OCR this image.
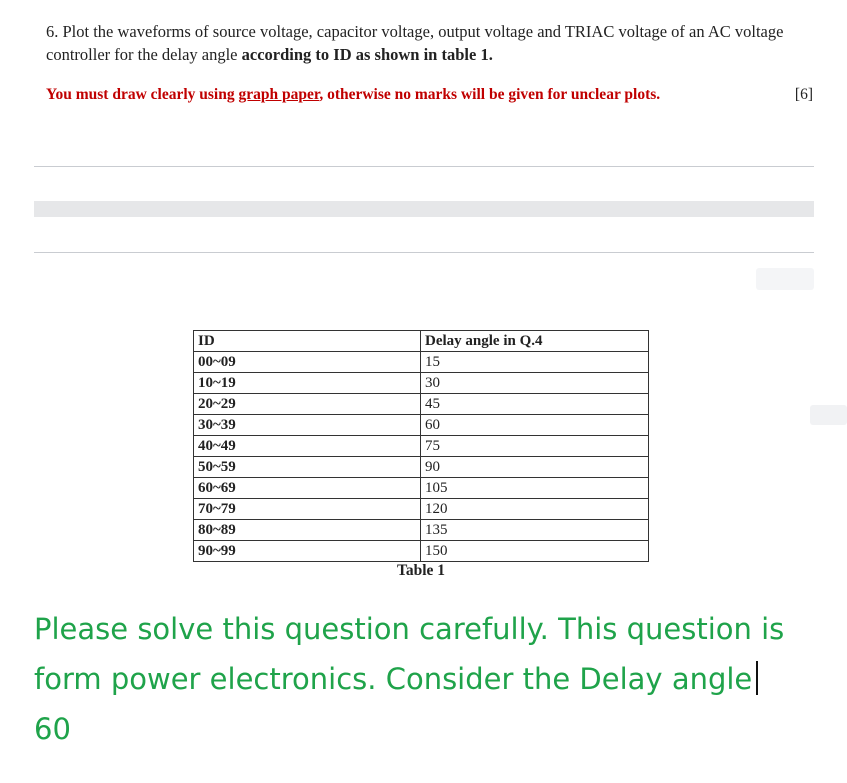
6. Plot the waveforms of source voltage, capacitor voltage, output voltage and TRIAC voltage of an AC voltage controller for the delay angle according to ID as shown in table 1.
You must draw clearly using graph paper, otherwise no marks will be given for unclear plots.	[6]
ID	Delay angle in Q.4
00~09	15
10~19	30
20~29	45
30~39	60
40~49	75
50~59	90
60~69	105
70~79	120
80~89	135
90~99	150
Table 1
Please solve this question carefully. This question is
form power electronics. Consider the Delay angle
60
